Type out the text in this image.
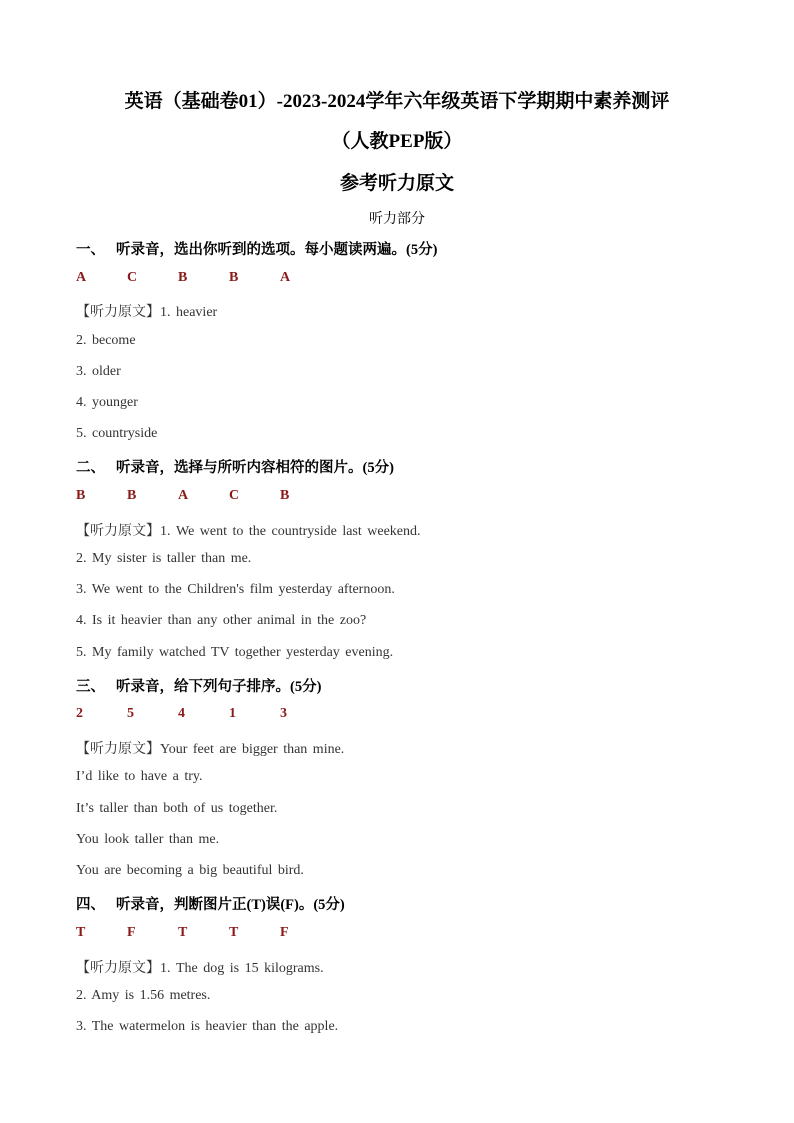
英语（基础卷01）-2023-2024学年六年级英语下学期期中素养测评
（人教PEP版）
参考听力原文
听力部分
一、 听录音，选出你听到的选项。每小题读两遍。(5分)
A	C	B	B	A
【听力原文】1. heavier
2. become
3. older
4. younger
5. countryside
二、 听录音，选择与所听内容相符的图片。(5分)
B	B	A	C	B
【听力原文】1. We went to the countryside last weekend.
2. My sister is taller than me.
3. We went to the Children's film yesterday afternoon.
4. Is it heavier than any other animal in the zoo?
5. My family watched TV together yesterday evening.
三、 听录音，给下列句子排序。(5分)
2	5	4	1	3
【听力原文】Your feet are bigger than mine.
I’d like to have a try.
It’s taller than both of us together.
You look taller than me.
You are becoming a big beautiful bird.
四、 听录音，判断图片正(T)误(F)。(5分)
T	F	T	T	F
【听力原文】1. The dog is 15 kilograms.
2. Amy is 1.56 metres.
3. The watermelon is heavier than the apple.
